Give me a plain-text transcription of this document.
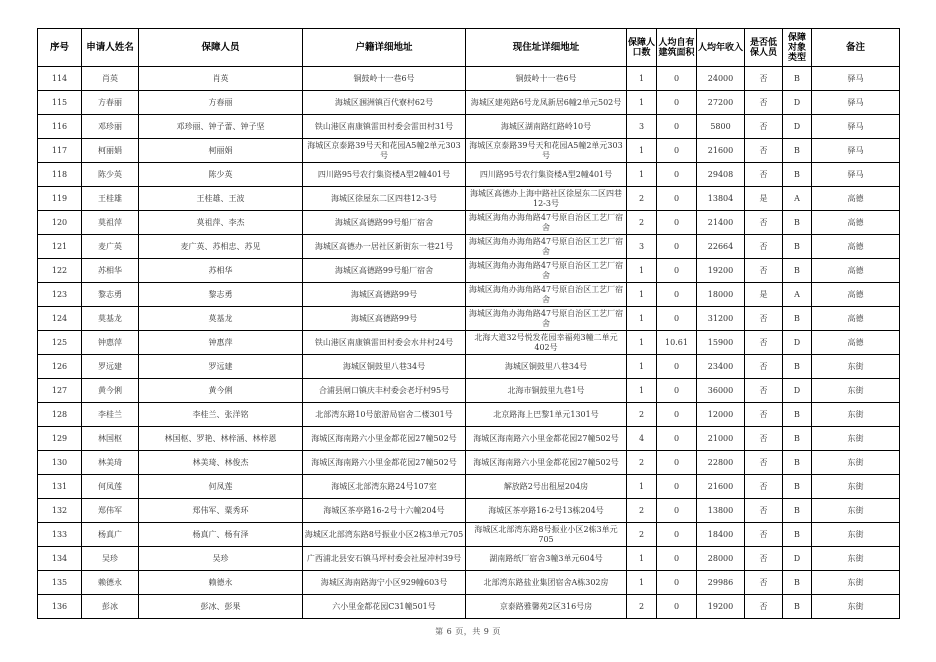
序号	申请人姓名	保障人员	户籍详细地址	现住址详细地址	保障人口数	人均自有建筑面积	人均年收入	是否低保人员	保障对象类型	备注
114	肖英	肖英	铜鼓岭十一巷6号	铜鼓岭十一巷6号	1	0	24000	否	B	驿马
115	方春丽	方春丽	海城区涠洲镇百代寮村62号	海城区建苑路6号龙凤新居6幢2单元502号	1	0	27200	否	D	驿马
116	邓珍丽	邓珍丽、钟子蕾、钟子坚	铁山港区南康镇雷田村委会雷田村31号	海城区湖南路红路岭10号	3	0	5800	否	D	驿马
117	柯丽娟	柯丽娟	海城区京泰路39号天和花园A5幢2单元303号	海城区京泰路39号天和花园A5幢2单元303号	1	0	21600	否	B	驿马
118	陈少英	陈少英	四川路95号农行集资楼A型2幢401号	四川路95号农行集资楼A型2幢401号	1	0	29408	否	B	驿马
119	王桂雄	王桂雄、王波	海城区徐屋东二区四巷12-3号	海城区高德办上海中路社区徐屋东二区四巷12-3号	2	0	13804	是	A	高德
120	莫祖萍	莫祖萍、李杰	海城区高德路99号船厂宿舍	海城区海角办海角路47号原自治区工艺厂宿舍	2	0	21400	否	B	高德
121	麦广英	麦广英、苏相忠、苏见	海城区高德办一居社区新街东一巷21号	海城区海角办海角路47号原自治区工艺厂宿舍	3	0	22664	否	B	高德
122	苏相华	苏相华	海城区高德路99号船厂宿舍	海城区海角办海角路47号原自治区工艺厂宿舍	1	0	19200	否	B	高德
123	黎志勇	黎志勇	海城区高德路99号	海城区海角办海角路47号原自治区工艺厂宿舍	1	0	18000	是	A	高德
124	莫基龙	莫基龙	海城区高德路99号	海城区海角办海角路47号原自治区工艺厂宿舍	1	0	31200	否	B	高德
125	钟惠萍	钟惠萍	铁山港区南康镇雷田村委会水井村24号	北海大道32号悦发花园幸福苑3幢二单元402号	1	10.61	15900	否	D	高德
126	罗远建	罗远建	海城区铜鼓里八巷34号	海城区铜鼓里八巷34号	1	0	23400	否	B	东街
127	黄今俐	黄今俐	合浦县闸口镇庆丰村委会老圩村95号	北海市铜鼓里九巷1号	1	0	36000	否	D	东街
128	李桂兰	李桂兰、张洋铭	北部湾东路10号旅游局宿舍二楼301号	北京路海上巴黎1单元1301号	2	0	12000	否	B	东街
129	林国枢	林国枢、罗艳、林梓涵、林梓恩	海城区海南路六小里金都花园27幢502号	海城区海南路六小里金都花园27幢502号	4	0	21000	否	B	东街
130	林美琦	林美琦、林俊杰	海城区海南路六小里金都花园27幢502号	海城区海南路六小里金都花园27幢502号	2	0	22800	否	B	东街
131	何凤莲	何凤莲	海城区北部湾东路24号107室	解放路2号出租屋204房	1	0	21600	否	B	东街
132	郑伟军	郑伟军、粟秀环	海城区茶亭路16-2号十六幢204号	海城区茶亭路16-2号13栋204号	2	0	13800	否	B	东街
133	杨真广	杨真广、杨有泽	海城区北部湾东路8号振业小区2栋3单元705	海城区北部湾东路8号振业小区2栋3单元705	2	0	18400	否	B	东街
134	吴珍	吴珍	广西浦北县安石镇马坪村委会社屋冲村39号	湖南路纸厂宿舍3幢3单元604号	1	0	28000	否	D	东街
135	赖德永	赖德永	海城区海南路海宁小区929幢603号	北部湾东路盐业集团宿舍A栋302房	1	0	29986	否	B	东街
136	彭冰	彭冰、彭果	六小里金都花园C31幢501号	京泰路雅馨苑2区316号房	2	0	19200	否	B	东街
第 6 页，共 9 页
